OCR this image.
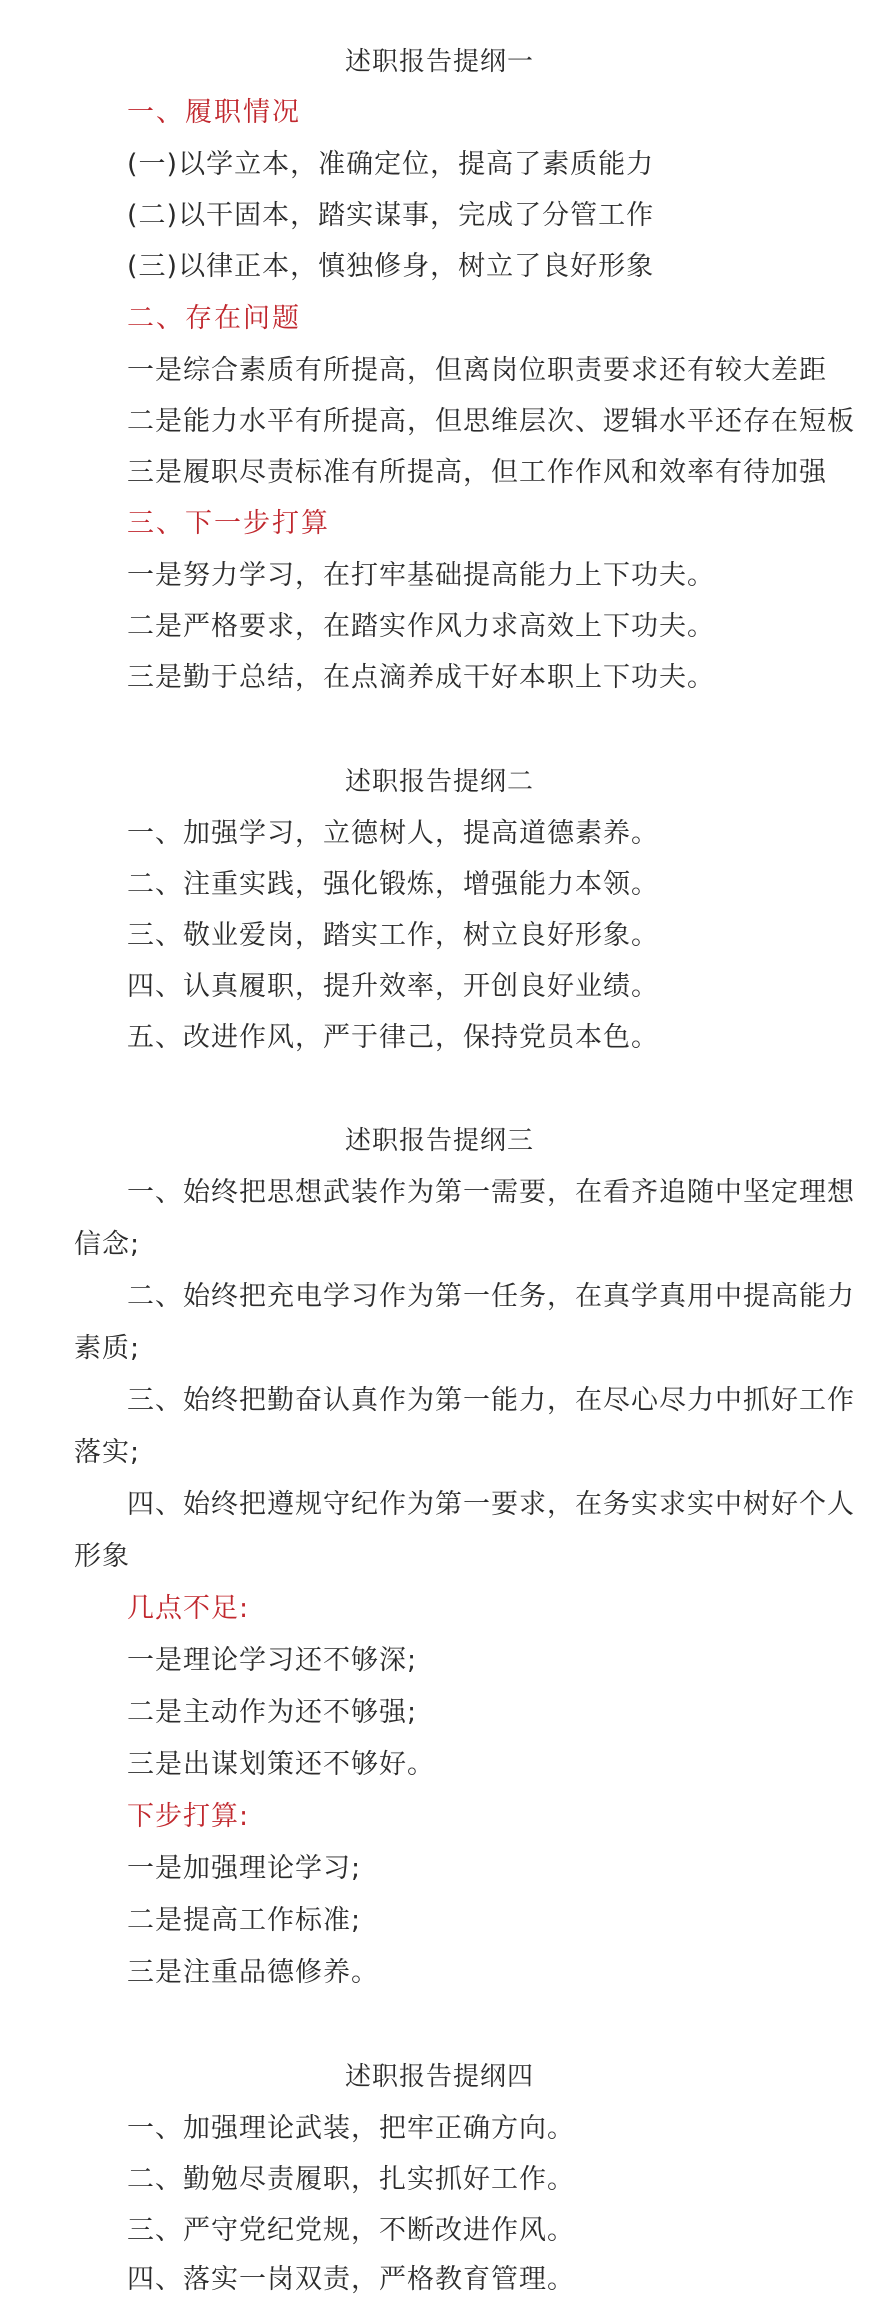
述职报告提纲一
一、履职情况
(一)以学立本，准确定位，提高了素质能力
(二)以干固本，踏实谋事，完成了分管工作
(三)以律正本，慎独修身，树立了良好形象
二、存在问题
一是综合素质有所提高，但离岗位职责要求还有较大差距
二是能力水平有所提高，但思维层次、逻辑水平还存在短板
三是履职尽责标准有所提高，但工作作风和效率有待加强
三、下一步打算
一是努力学习，在打牢基础提高能力上下功夫。
二是严格要求，在踏实作风力求高效上下功夫。
三是勤于总结，在点滴养成干好本职上下功夫。
述职报告提纲二
一、加强学习，立德树人，提高道德素养。
二、注重实践，强化锻炼，增强能力本领。
三、敬业爱岗，踏实工作，树立良好形象。
四、认真履职，提升效率，开创良好业绩。
五、改进作风，严于律己，保持党员本色。
述职报告提纲三
一、始终把思想武装作为第一需要，在看齐追随中坚定理想
信念;
二、始终把充电学习作为第一任务，在真学真用中提高能力
素质;
三、始终把勤奋认真作为第一能力，在尽心尽力中抓好工作
落实;
四、始终把遵规守纪作为第一要求，在务实求实中树好个人
形象
几点不足:
一是理论学习还不够深;
二是主动作为还不够强;
三是出谋划策还不够好。
下步打算:
一是加强理论学习;
二是提高工作标准;
三是注重品德修养。
述职报告提纲四
一、加强理论武装，把牢正确方向。
二、勤勉尽责履职，扎实抓好工作。
三、严守党纪党规，不断改进作风。
四、落实一岗双责，严格教育管理。
